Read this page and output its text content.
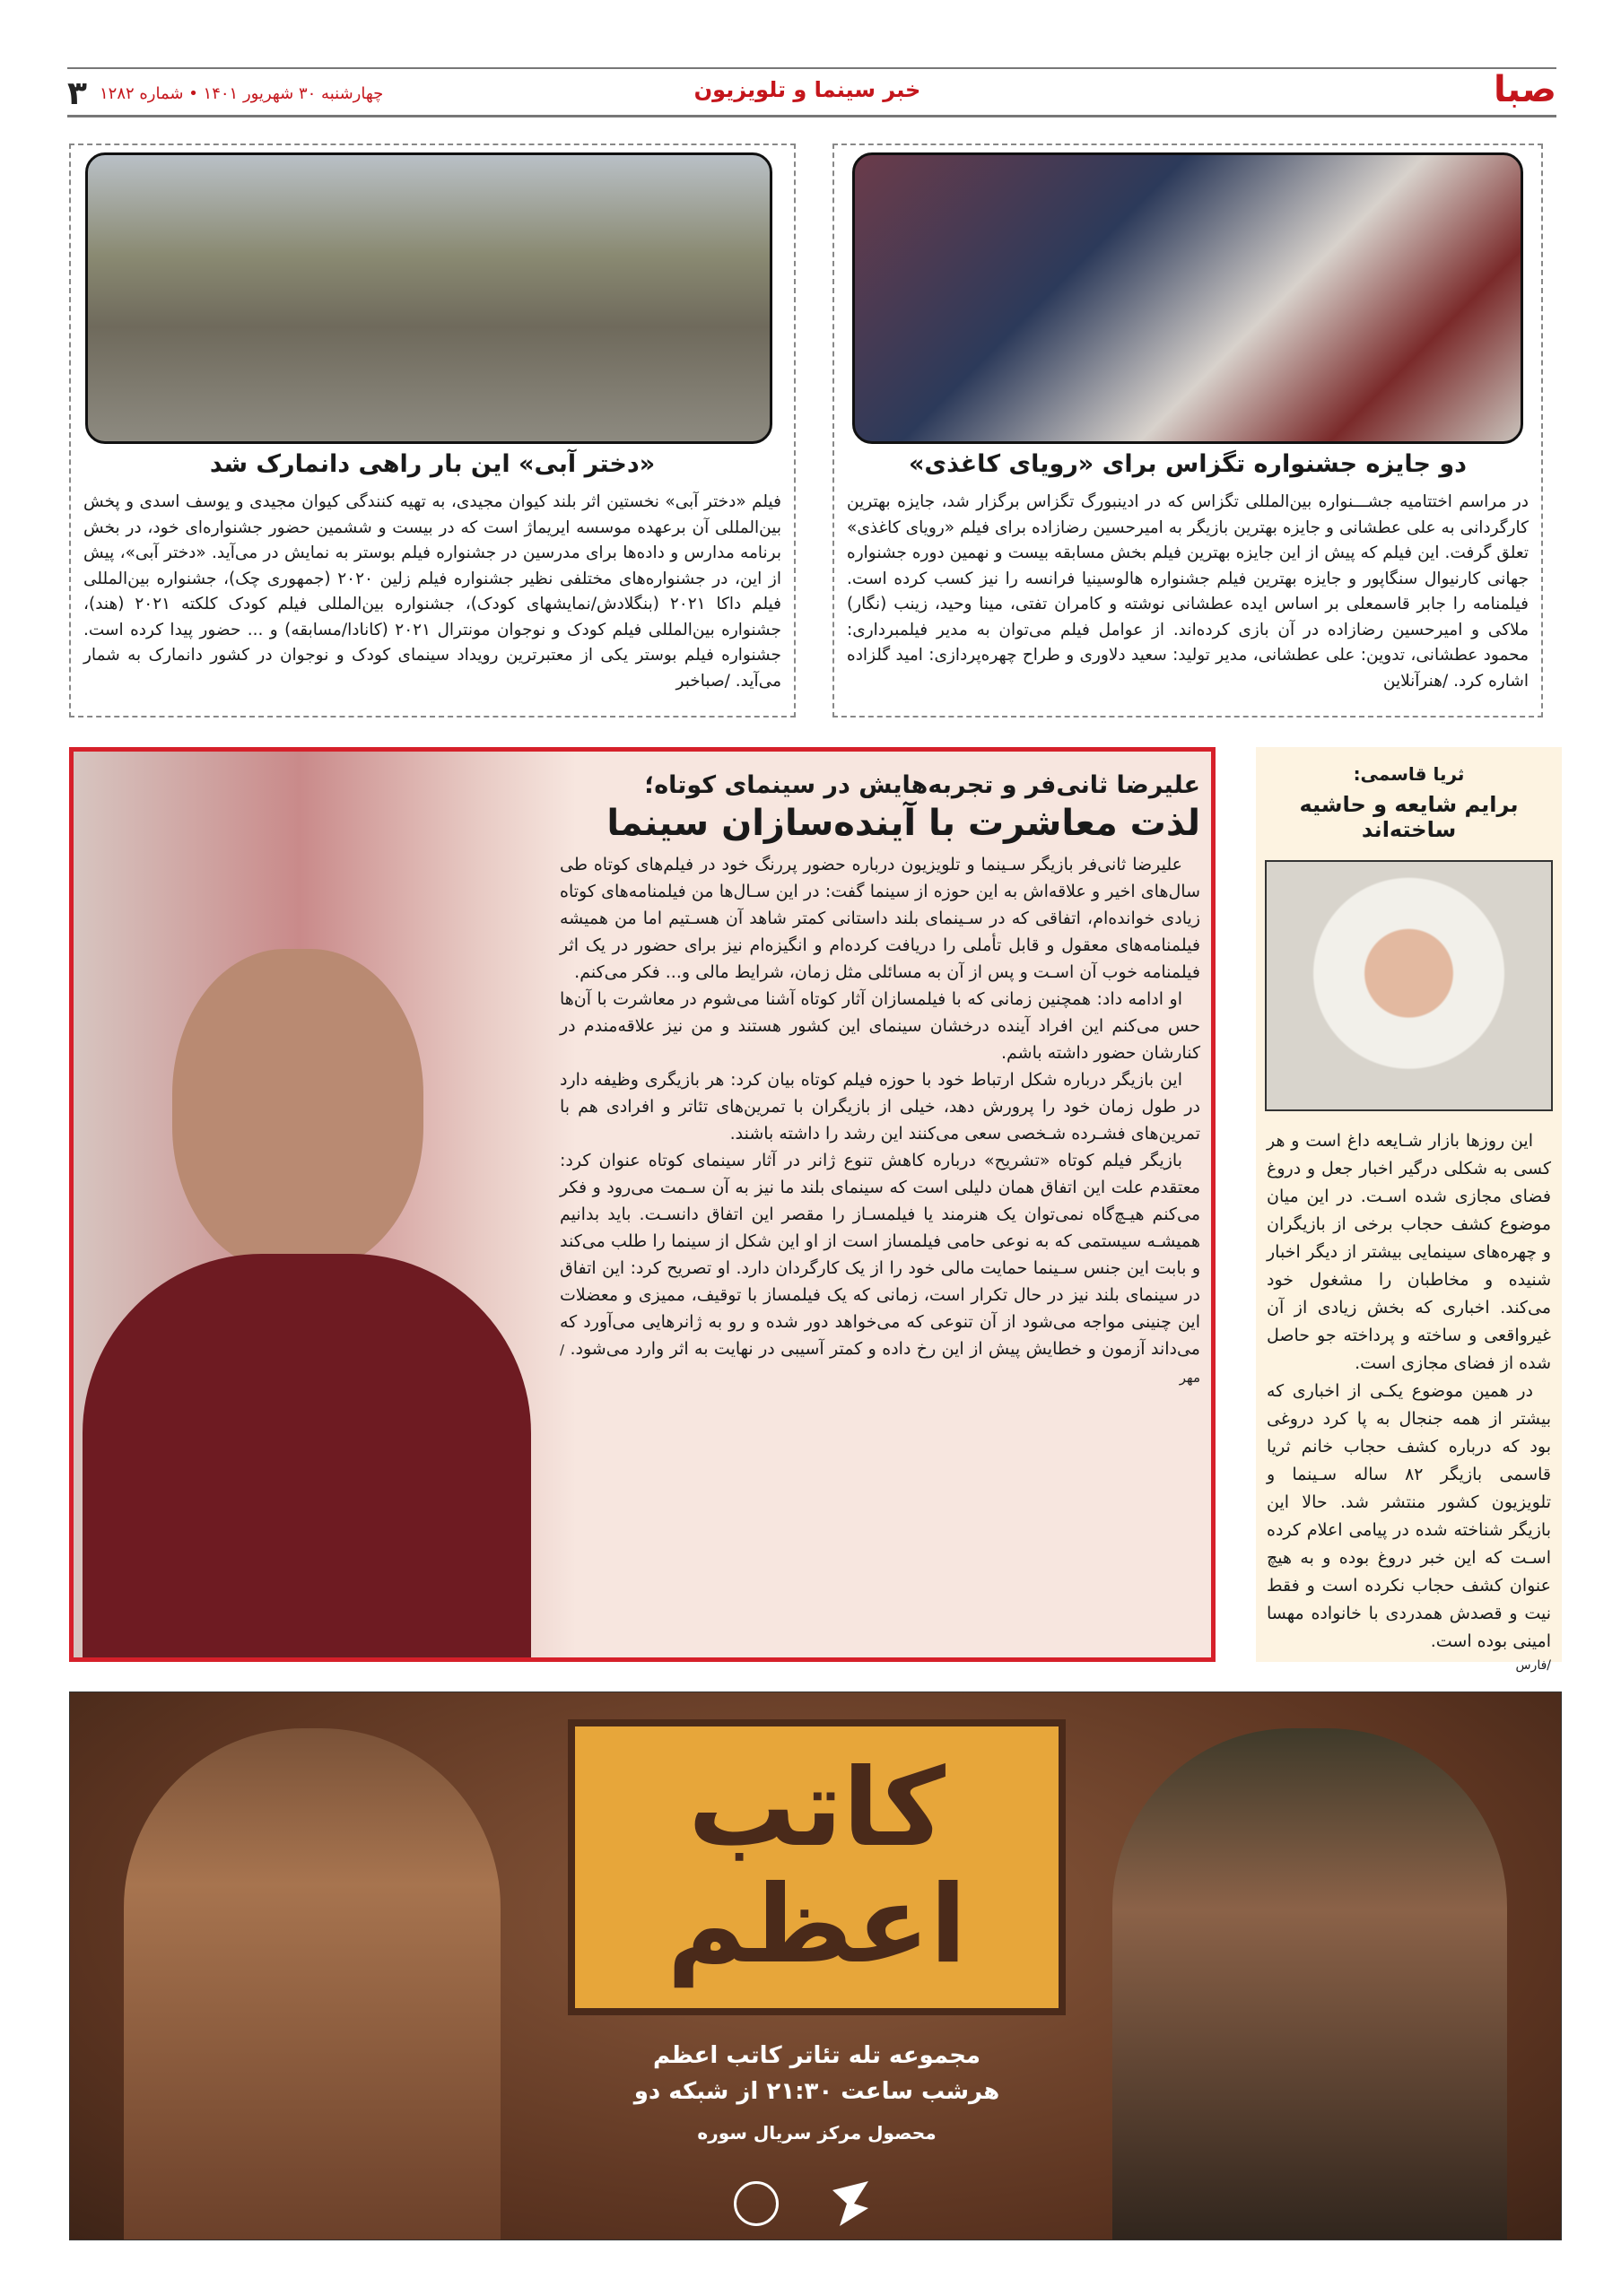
چهارشنبه ۳۰ شهریور ۱۴۰۱ • شماره ۱۲۸۲
۳	خبر سینما و تلویزیون	صبا
دو جایزه جشنواره تگزاس برای «رویای کاغذی»
در مراسم اختتامیه جشـــنواره بین‌المللی تگزاس که در ادینبورگ تگزاس برگزار شد، جایزه بهترین کارگردانی به علی عطشانی و جایزه بهترین بازیگر به امیرحسین رضازاده برای فیلم «رویای کاغذی» تعلق گرفت. این فیلم که پیش از این جایزه بهترین فیلم بخش مسابقه بیست و نهمین دوره جشنواره جهانی کارنیوال سنگاپور و جایزه بهترین فیلم جشنواره هالوسینیا فرانسه را نیز کسب کرده است. فیلمنامه را جابر قاسمعلی بر اساس ایده عطشانی نوشته و کامران تفتی، مینا وحید، زینب (نگار) ملاکی و امیرحسین رضازاده در آن بازی کرده‌اند. از عوامل فیلم می‌توان به مدیر فیلمبرداری: محمود عطشانی، تدوین: علی عطشانی، مدیر تولید: سعید دلاوری و طراح چهره‌پردازی: امید گلزاده اشاره کرد. /هنرآنلاین
«دختر آبی» این بار راهی دانمارک شد
فیلم «دختر آبی» نخستین اثر بلند کیوان مجیدی، به تهیه کنندگی کیوان مجیدی و یوسف اسدی و پخش بین‌المللی آن برعهده موسسه ایریماژ است که در بیست و ششمین حضور جشنواره‌ای خود، در بخش برنامه مدارس و داده‌ها برای مدرسین در جشنواره فیلم بوستر به نمایش در می‌آید. «دختر آبی»، پیش از این، در جشنواره‌های مختلفی نظیر جشنواره فیلم زلین ۲۰۲۰ (جمهوری چک)، جشنواره بین‌المللی فیلم داکا ۲۰۲۱ (بنگلادش/نمایشهای کودک)، جشنواره بین‌المللی فیلم کودک کلکته ۲۰۲۱ (هند)، جشنواره بین‌المللی فیلم کودک و نوجوان مونترال ۲۰۲۱ (کانادا/مسابقه) و ... حضور پیدا کرده است. جشنواره فیلم بوستر یکی از معتبرترین رویداد سینمای کودک و نوجوان در کشور دانمارک به شمار می‌آید. /صباخبر
علیرضا ثانی‌فر و تجربه‌هایش در سینمای کوتاه؛
لذت معاشرت با آینده‌سازان سینما

علیرضا ثانی‌فر بازیگر سـینما و تلویزیون درباره حضور پررنگ خود در فیلم‌های کوتاه طی سال‌های اخیر و علاقه‌اش به این حوزه از سینما گفت: در این سـال‌ها من فیلمنامه‌های کوتاه زیادی خوانده‌ام، اتفاقی که در سـینمای بلند داستانی کمتر شاهد آن هسـتیم اما من همیشه فیلمنامه‌های معقول و قابل تأملی را دریافت کرده‌ام و انگیزه‌ام نیز برای حضور در یک اثر فیلمنامه خوب آن اسـت و پس از آن به مسائلی مثل زمان، شرایط مالی و... فکر می‌کنم.

او ادامه داد: همچنین زمانی که با فیلمسازان آثار کوتاه آشنا می‌شوم در معاشرت با آن‌ها حس می‌کنم این افراد آینده درخشان سینمای این کشور هستند و من نیز علاقه‌مندم در کنارشان حضور داشته باشم.

این بازیگر درباره شکل ارتباط خود با حوزه فیلم کوتاه بیان کرد: هر بازیگری وظیفه دارد در طول زمان خود را پرورش دهد، خیلی از بازیگران با تمرین‌های تئاتر و افرادی هم با تمرین‌های فشـرده شـخصی سعی می‌کنند این رشد را داشته باشند.

بازیگر فیلم کوتاه «تشریح» درباره کاهش تنوع ژانر در آثار سینمای کوتاه عنوان کرد: معتقدم علت این اتفاق همان دلیلی است که سینمای بلند ما نیز به آن سـمت می‌رود و فکر می‌کنم هیـچ‌گاه نمی‌توان یک هنرمند یا فیلمسـاز را مقصر این اتفاق دانسـت. باید بدانیم همیشـه سیستمی که به نوعی حامی فیلمساز است از او این شکل از سینما را طلب می‌کند و بابت این جنس سـینما حمایت مالی خود را از یک کارگردان دارد. او تصریح کرد: این اتفاق در سینمای بلند نیز در حال تکرار است، زمانی که یک فیلمساز با توقیف، ممیزی و معضلات این چنینی مواجه می‌شود از آن تنوعی که می‌خواهد دور شده و رو به ژانرهایی می‌آورد که می‌داند آزمون و خطایش پیش از این رخ داده و کمتر آسیبی در نهایت به اثر وارد می‌شود. /مهر

ثریا قاسمی:
برایم شایعه و حاشیه ساخته‌اند

این روزها بازار شـایعه داغ است و هر کسی به شکلی درگیر اخبار جعل و دروغ فضای مجازی شده اسـت. در این میان موضوع کشف حجاب برخی از بازیگران و چهره‌های سینمایی بیشتر از دیگر اخبار شنیده و مخاطبان را مشغول خود می‌کند. اخباری که بخش زیادی از آن غیرواقعی و ساخته و پرداخته جو حاصل شده از فضای مجازی است.

در همین موضوع یکـی از اخباری که بیشتر از همه جنجال به پا کرد دروغی بود که درباره کشف حجاب خانم ثریا قاسمی بازیگر ۸۲ ساله سـینما و تلویزیون کشور منتشر شد. حالا این بازیگر شناخته شده در پیامی اعلام کرده اسـت که این خبر دروغ بوده و به هیچ عنوان کشف حجاب نکرده است و فقط نیت و قصدش همدردی با خانواده مهسا امینی بوده است.

/فارس
کاتب
اعظم
مجموعه تله تئاتر کاتب اعظم
هرشب ساعت ۲۱:۳۰ از شبکه دو
محصول مرکز سریال سوره
